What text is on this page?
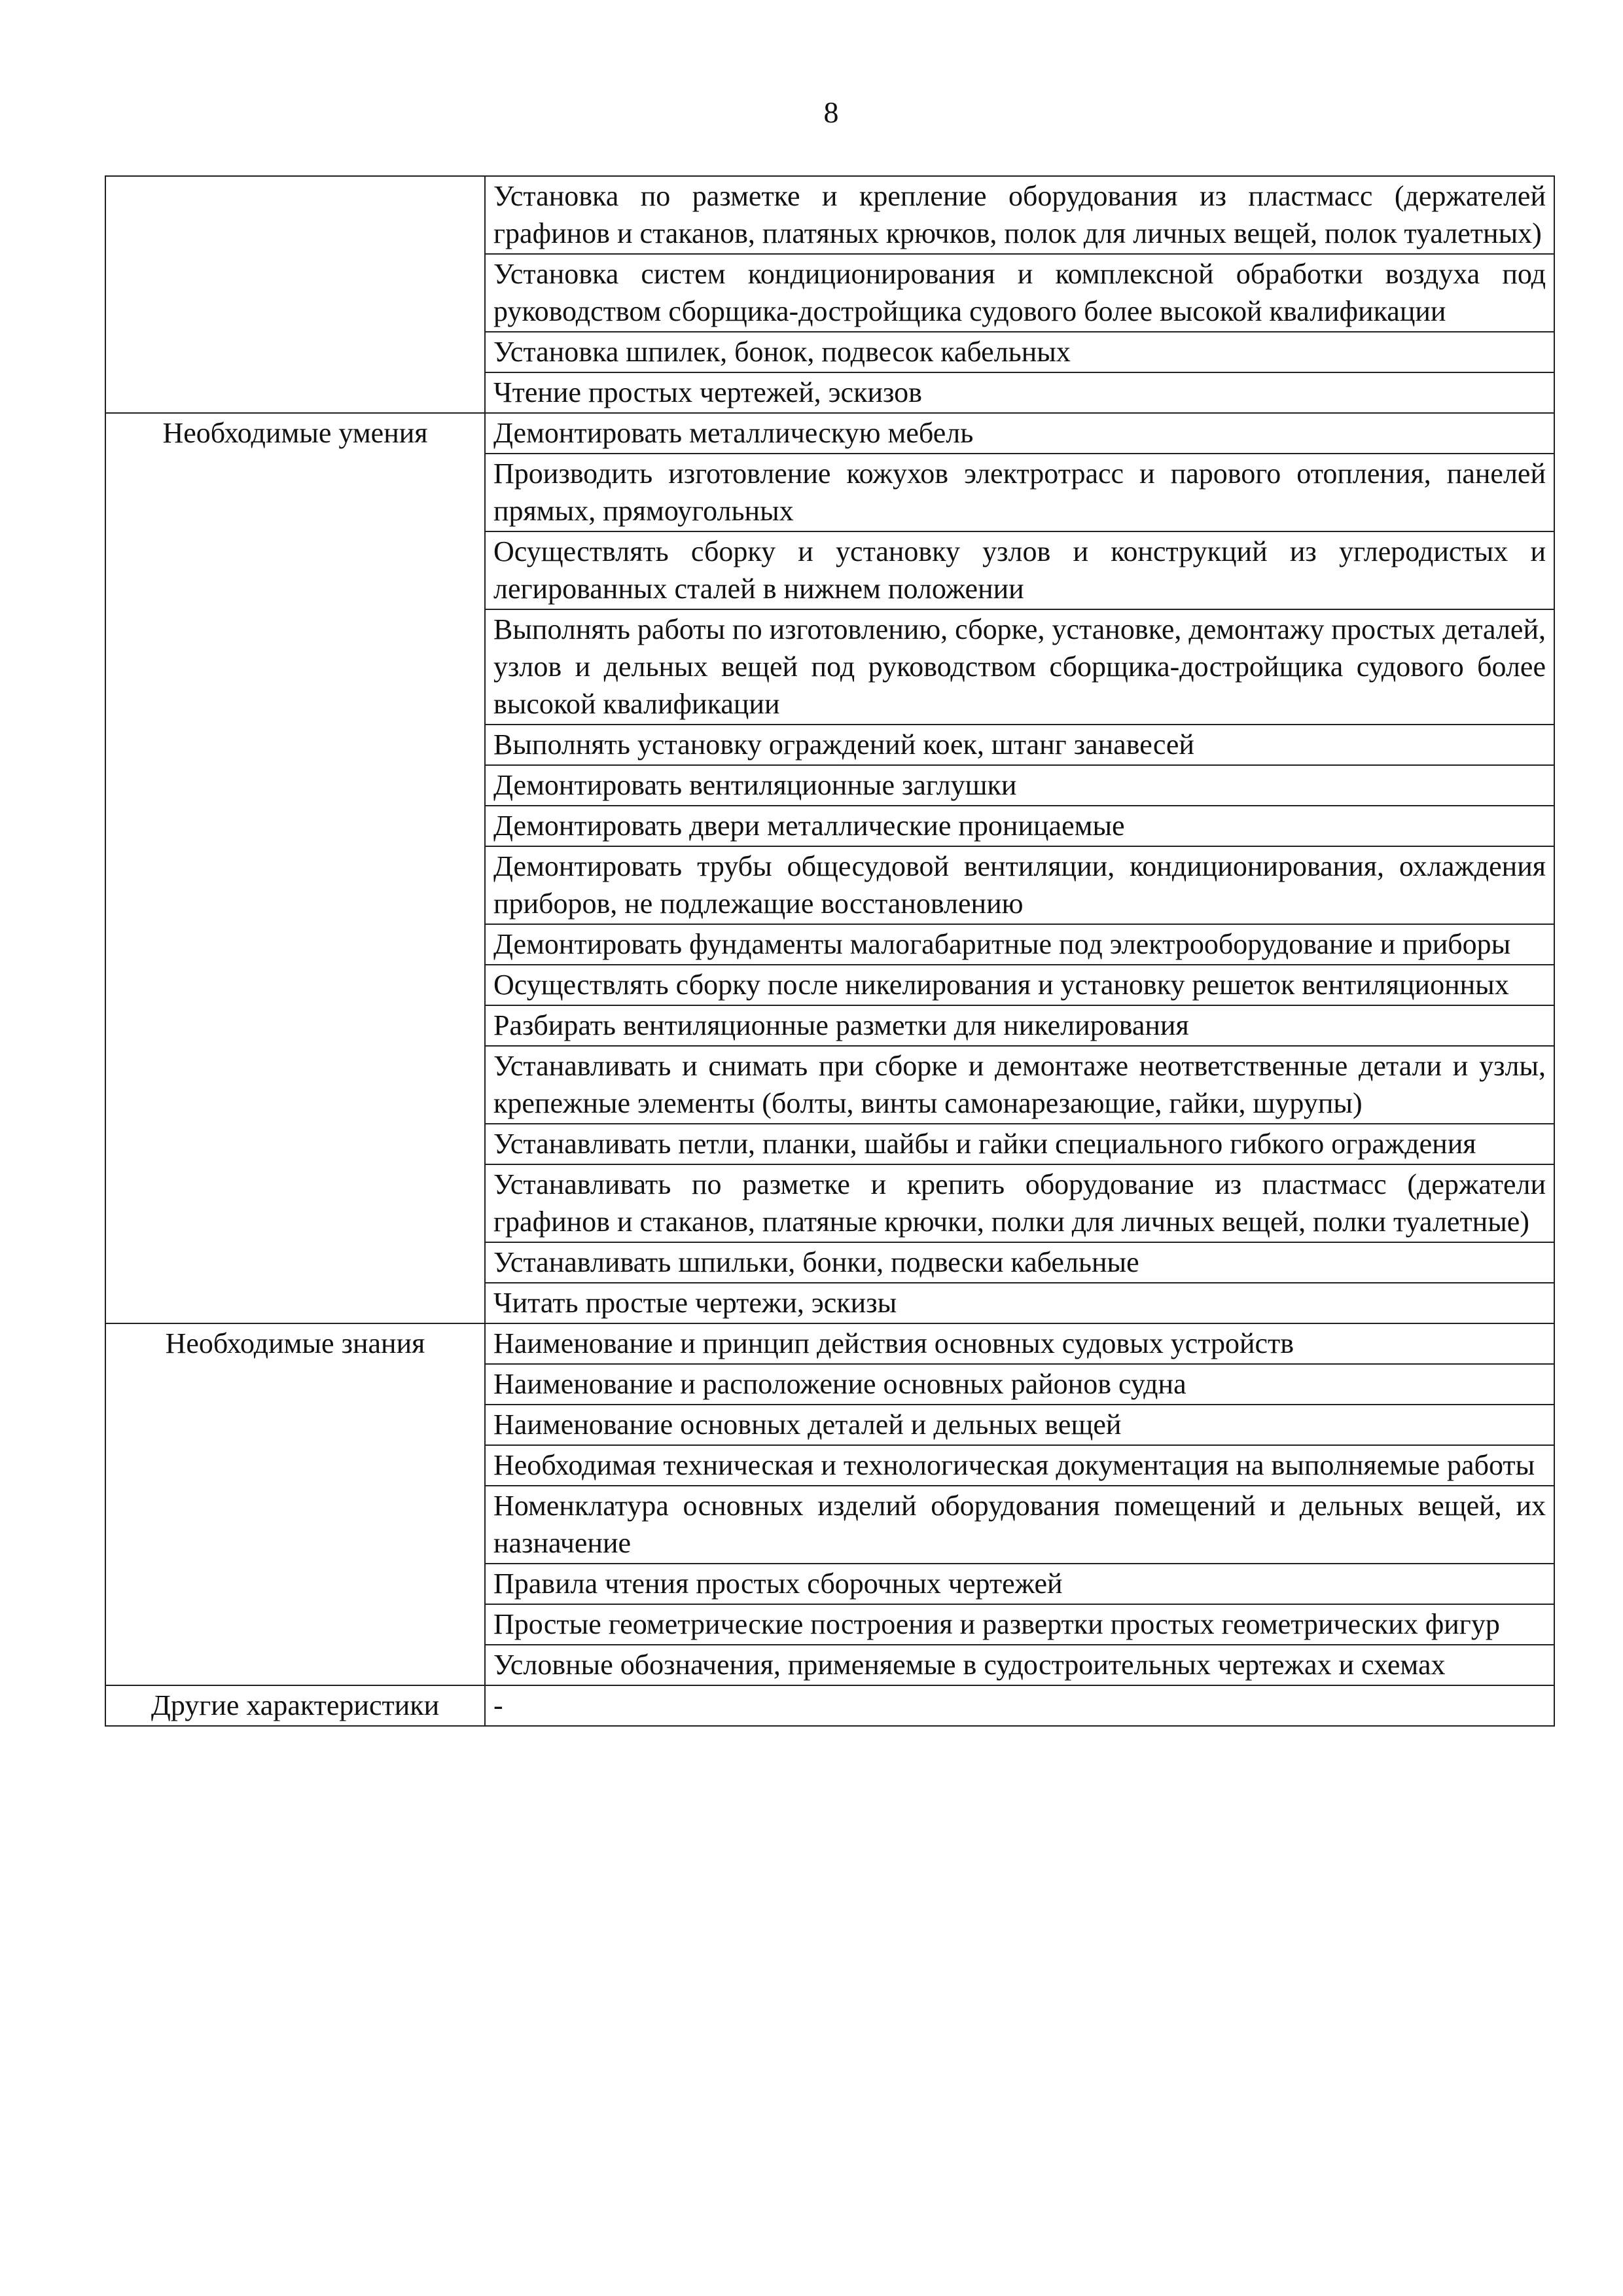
8
	Установка по разметке и крепление оборудования из пластмасс (держателей графинов и стаканов, платяных крючков, полок для личных вещей, полок туалетных)
	Установка систем кондиционирования и комплексной обработки воздуха под руководством сборщика-достройщика судового более высокой квалификации
	Установка шпилек, бонок, подвесок кабельных
	Чтение простых чертежей, эскизов
Необходимые умения	Демонтировать металлическую мебель
	Производить изготовление кожухов электротрасс и парового отопления, панелей прямых, прямоугольных
	Осуществлять сборку и установку узлов и конструкций из углеродистых и легированных сталей в нижнем положении
	Выполнять работы по изготовлению, сборке, установке, демонтажу простых деталей, узлов и дельных вещей под руководством сборщика-достройщика судового более высокой квалификации
	Выполнять установку ограждений коек, штанг занавесей
	Демонтировать вентиляционные заглушки
	Демонтировать двери металлические проницаемые
	Демонтировать трубы общесудовой вентиляции, кондиционирования, охлаждения приборов, не подлежащие восстановлению
	Демонтировать фундаменты малогабаритные под электрооборудование и приборы
	Осуществлять сборку после никелирования и установку решеток вентиляционных
	Разбирать вентиляционные разметки для никелирования
	Устанавливать и снимать при сборке и демонтаже неответственные детали и узлы, крепежные элементы (болты, винты самонарезающие, гайки, шурупы)
	Устанавливать петли, планки, шайбы и гайки специального гибкого ограждения
	Устанавливать по разметке и крепить оборудование из пластмасс (держатели графинов и стаканов, платяные крючки, полки для личных вещей, полки туалетные)
	Устанавливать шпильки, бонки, подвески кабельные
	Читать простые чертежи, эскизы
Необходимые знания	Наименование и принцип действия основных судовых устройств
	Наименование и расположение основных районов судна
	Наименование основных деталей и дельных вещей
	Необходимая техническая и технологическая документация на выполняемые работы
	Номенклатура основных изделий оборудования помещений и дельных вещей, их назначение
	Правила чтения простых сборочных чертежей
	Простые геометрические построения и развертки простых геометрических фигур
	Условные обозначения, применяемые в судостроительных чертежах и схемах
Другие характеристики	-
